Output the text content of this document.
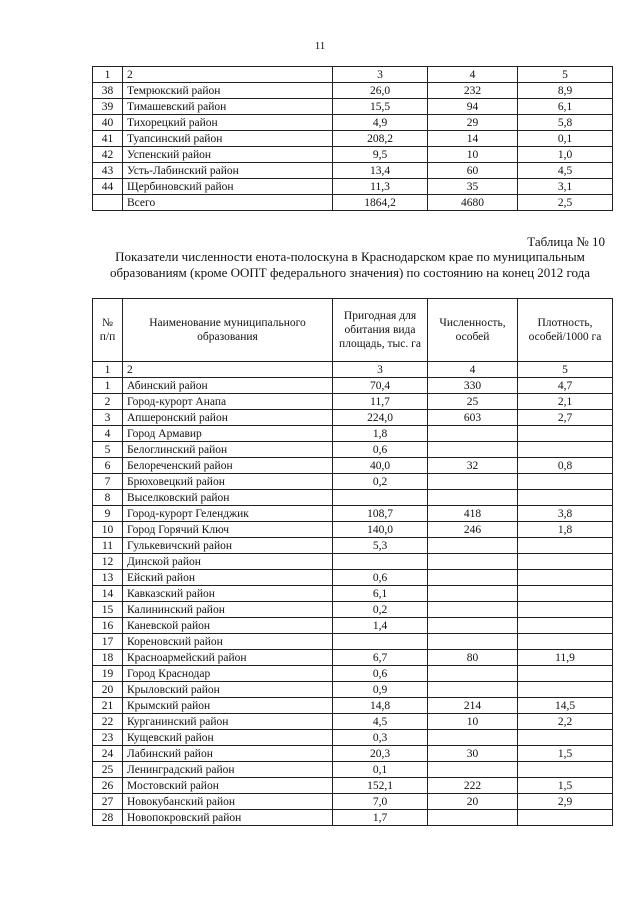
11
1	2	3	4	5
38	Темрюкский район	26,0	232	8,9
39	Тимашевский район	15,5	94	6,1
40	Тихорецкий район	4,9	29	5,8
41	Туапсинский район	208,2	14	0,1
42	Успенский район	9,5	10	1,0
43	Усть-Лабинский район	13,4	60	4,5
44	Щербиновский район	11,3	35	3,1
	Всего	1864,2	4680	2,5
Таблица № 10
Показатели численности енота-полоскуна в Краснодарском крае по муниципальным образованиям (кроме ООПТ федерального значения) по состоянию на конец 2012 года
№ п/п	Наименование муниципального образования	Пригодная для обитания вида площадь, тыс. га	Численность, особей	Плотность, особей/1000 га
1	2	3	4	5
1	Абинский район	70,4	330	4,7
2	Город-курорт Анапа	11,7	25	2,1
3	Апшеронский район	224,0	603	2,7
4	Город Армавир	1,8		
5	Белоглинский район	0,6		
6	Белореченский район	40,0	32	0,8
7	Брюховецкий район	0,2		
8	Выселковский район			
9	Город-курорт Геленджик	108,7	418	3,8
10	Город Горячий Ключ	140,0	246	1,8
11	Гулькевичский район	5,3		
12	Динской район			
13	Ейский район	0,6		
14	Кавказский район	6,1		
15	Калининский район	0,2		
16	Каневской район	1,4		
17	Кореновский район			
18	Красноармейский район	6,7	80	11,9
19	Город Краснодар	0,6		
20	Крыловский район	0,9		
21	Крымский район	14,8	214	14,5
22	Курганинский район	4,5	10	2,2
23	Кущевский район	0,3		
24	Лабинский район	20,3	30	1,5
25	Ленинградский район	0,1		
26	Мостовский район	152,1	222	1,5
27	Новокубанский район	7,0	20	2,9
28	Новопокровский район	1,7		
